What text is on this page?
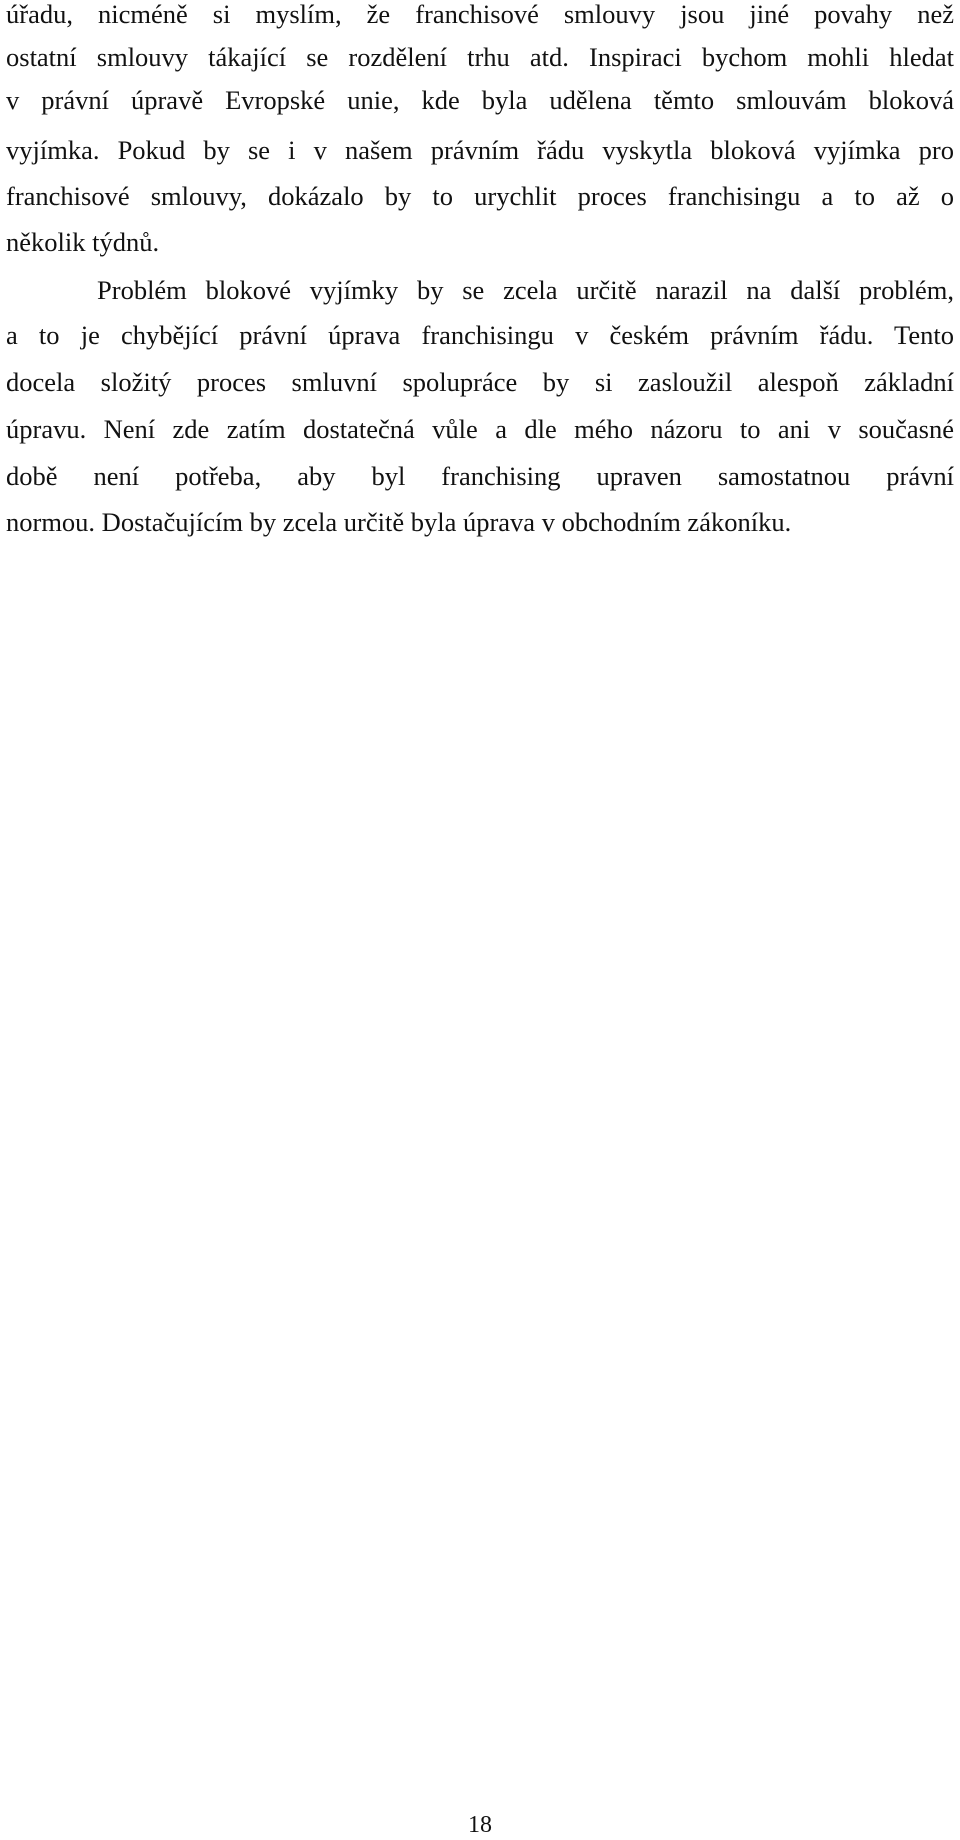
úřadu, nicméně si myslím, že franchisové smlouvy jsou jiné povahy než
ostatní smlouvy tákající se rozdělení trhu atd. Inspiraci bychom mohli hledat
v právní úpravě Evropské unie, kde byla udělena těmto smlouvám bloková
vyjímka. Pokud by se i v našem právním řádu vyskytla bloková vyjímka pro
franchisové smlouvy, dokázalo by to urychlit proces franchisingu a to až o
několik týdnů.
Problém blokové vyjímky by se zcela určitě narazil na další problém,
a to je chybějící právní úprava franchisingu v českém právním řádu. Tento
docela složitý proces smluvní spolupráce by si zasloužil alespoň základní
úpravu. Není zde zatím dostatečná vůle a dle mého názoru to ani v současné
době není potřeba, aby byl franchising upraven samostatnou právní
normou. Dostačujícím by zcela určitě byla úprava v obchodním zákoníku.
18
